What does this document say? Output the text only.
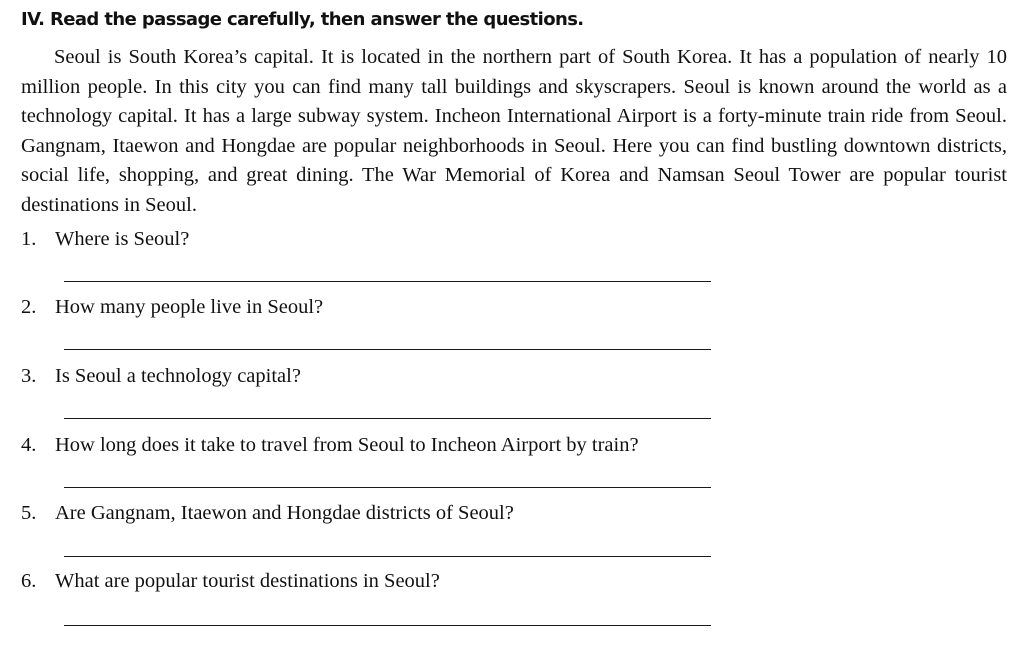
IV. Read the passage carefully, then answer the questions.

Seoul is South Korea’s capital. It is located in the northern part of South Korea. It has a population of nearly 10 million people. In this city you can find many tall buildings and skyscrapers. Seoul is known around the world as a technology capital. It has a large subway system. Incheon International Airport is a forty-minute train ride from Seoul. Gangnam, Itaewon and Hongdae are popular neighborhoods in Seoul. Here you can find bustling downtown districts, social life, shopping, and great dining. The War Memorial of Korea and Namsan Seoul Tower are popular tourist destinations in Seoul.

1. Where is Seoul?
2. How many people live in Seoul?
3. Is Seoul a technology capital?
4. How long does it take to travel from Seoul to Incheon Airport by train?
5. Are Gangnam, Itaewon and Hongdae districts of Seoul?
6. What are popular tourist destinations in Seoul?
